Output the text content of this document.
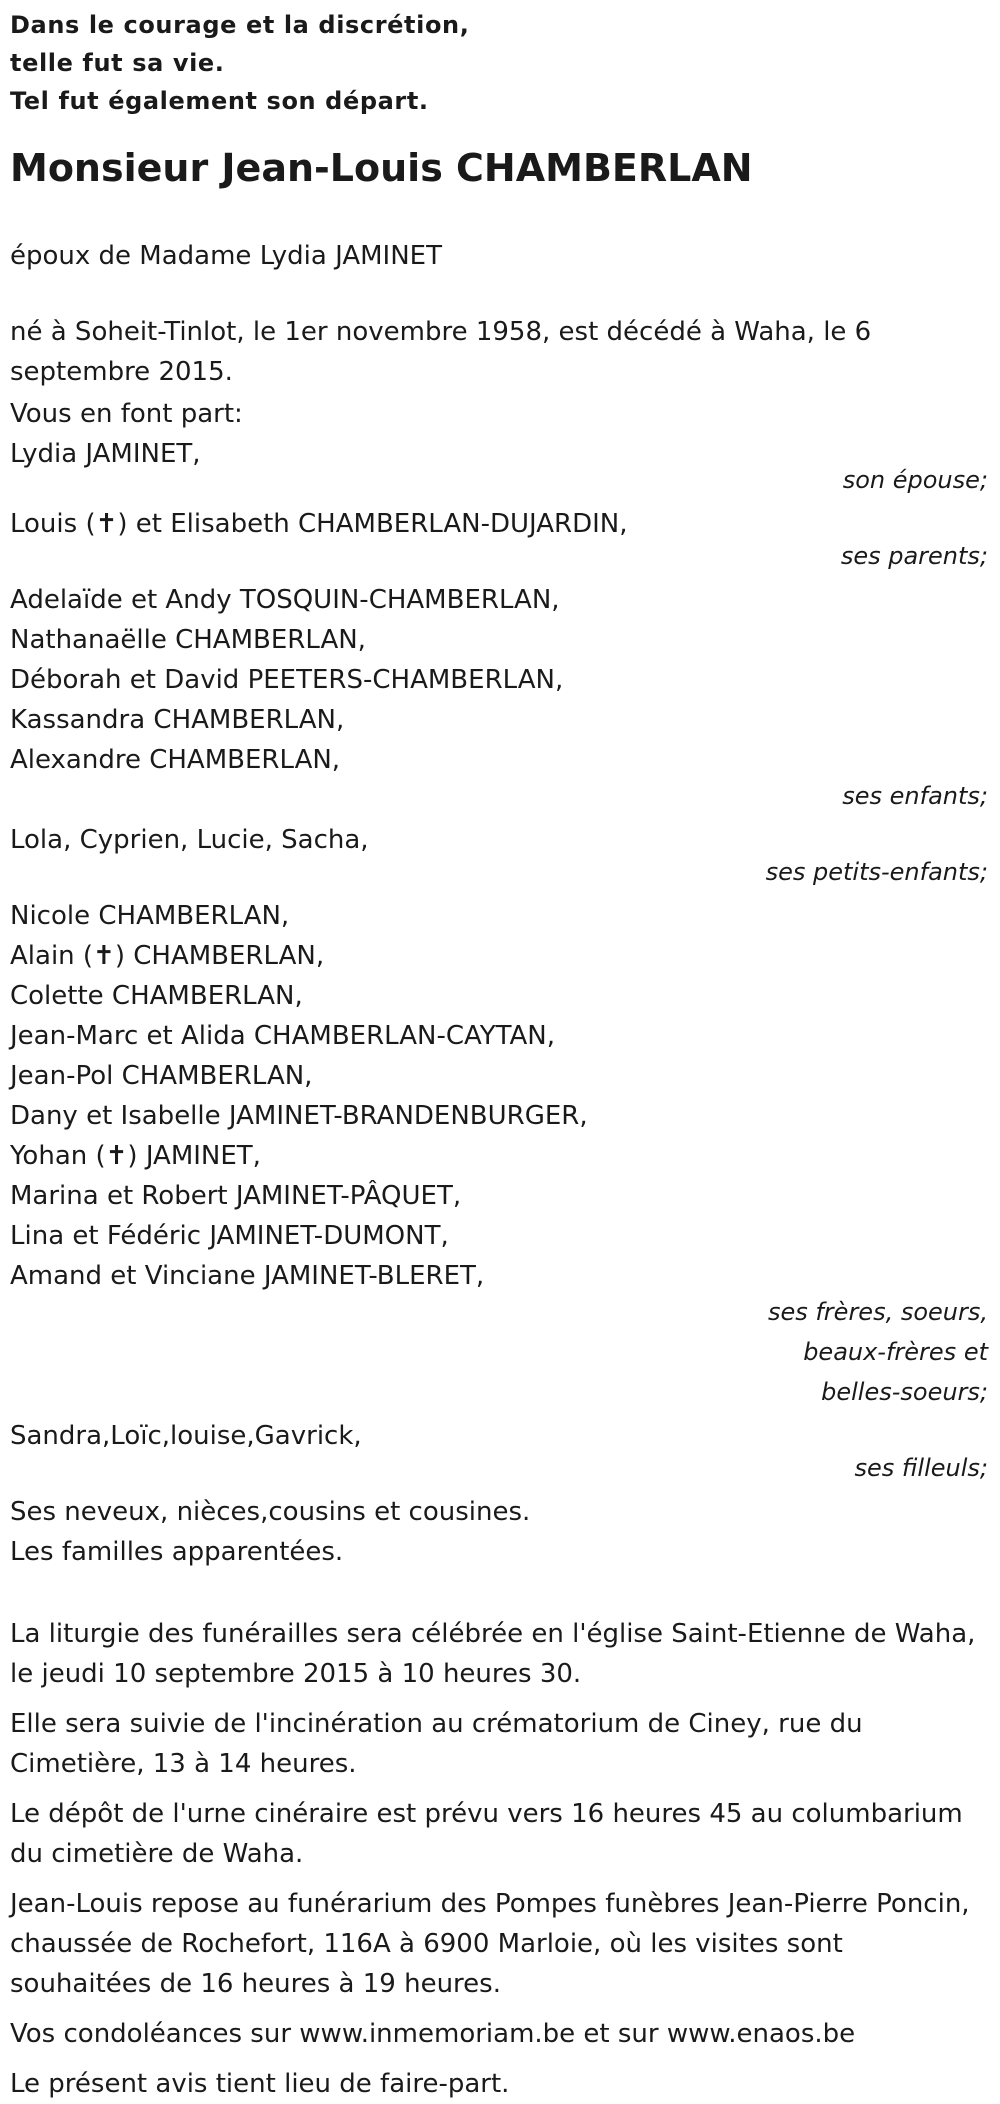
Dans le courage et la discrétion,
telle fut sa vie.
Tel fut également son départ.
Monsieur Jean-Louis CHAMBERLAN
époux de Madame Lydia JAMINET
né à Soheit-Tinlot, le 1er novembre 1958, est décédé à Waha, le 6 septembre 2015.
Vous en font part:
Lydia JAMINET,
son épouse;
Louis (✝) et Elisabeth CHAMBERLAN-DUJARDIN,
ses parents;
Adelaïde et Andy TOSQUIN-CHAMBERLAN,
Nathanaëlle CHAMBERLAN,
Déborah et David PEETERS-CHAMBERLAN,
Kassandra CHAMBERLAN,
Alexandre CHAMBERLAN,
ses enfants;
Lola, Cyprien, Lucie, Sacha,
ses petits-enfants;
Nicole CHAMBERLAN,
Alain (✝) CHAMBERLAN,
Colette CHAMBERLAN,
Jean-Marc et Alida CHAMBERLAN-CAYTAN,
Jean-Pol CHAMBERLAN,
Dany et Isabelle JAMINET-BRANDENBURGER,
Yohan (✝) JAMINET,
Marina et Robert JAMINET-PÂQUET,
Lina et Fédéric JAMINET-DUMONT,
Amand et Vinciane JAMINET-BLERET,
ses frères, soeurs,
beaux-frères et
belles-soeurs;
Sandra,Loïc,louise,Gavrick,
ses filleuls;
Ses neveux, nièces,cousins et cousines.
Les familles apparentées.

La liturgie des funérailles sera célébrée en l'église Saint-Etienne de Waha, le jeudi 10 septembre 2015 à 10 heures 30.

Elle sera suivie de l'incinération au crématorium de Ciney, rue du Cimetière, 13 à 14 heures.

Le dépôt de l'urne cinéraire est prévu vers 16 heures 45 au columbarium du cimetière de Waha.

Jean-Louis repose au funérarium des Pompes funèbres Jean-Pierre Poncin, chaussée de Rochefort, 116A à 6900 Marloie, où les visites sont souhaitées de 16 heures à 19 heures.

Vos condoléances sur www.inmemoriam.be et sur www.enaos.be

Le présent avis tient lieu de faire-part.
